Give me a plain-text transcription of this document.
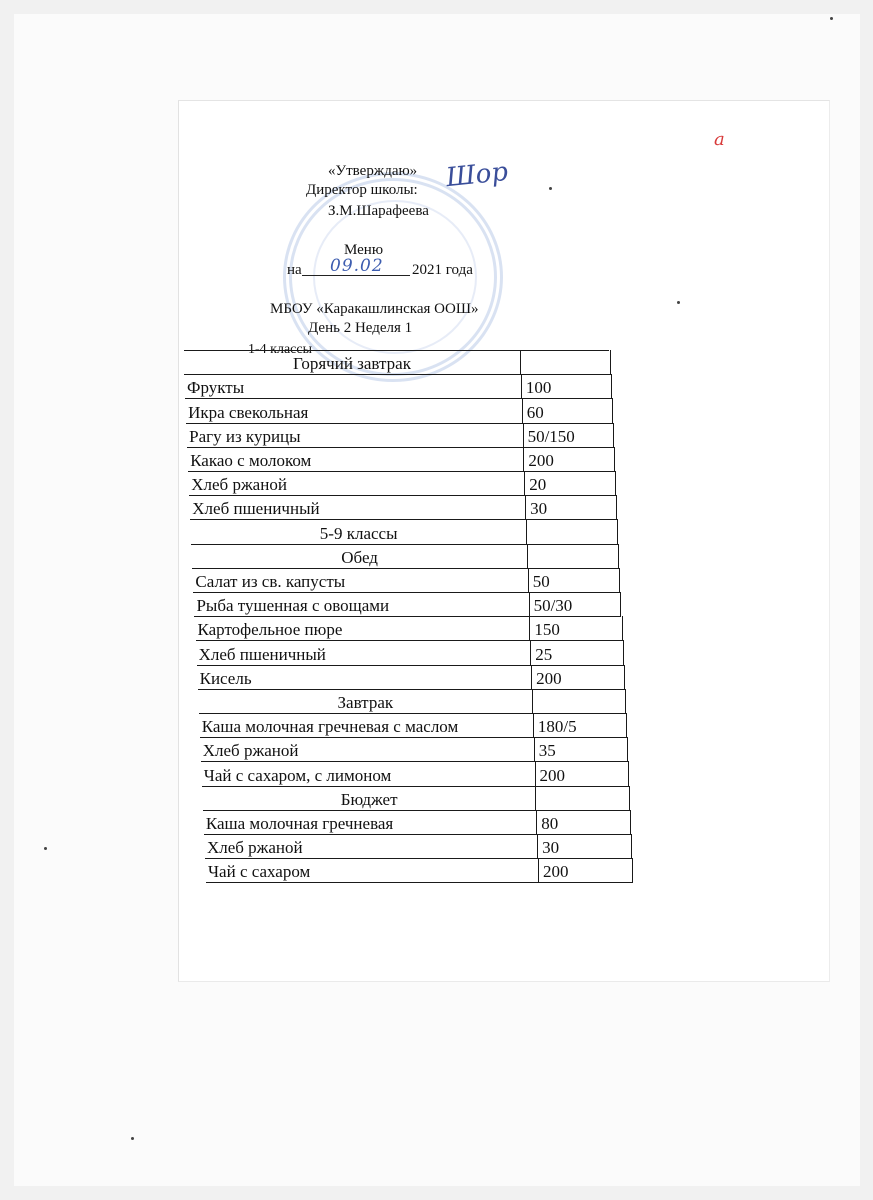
a
«Утверждаю»
Директор школы: Шор
З.М.Шарафеева
Меню
на 09.02 2021 года
МБОУ «Каракашлинская ООШ»
День 2 Неделя 1
1-4 классы
Горячий завтрак
Фрукты	100
Икра свекольная	60
Рагу из курицы	50/150
Какао с молоком	200
Хлеб ржаной	20
Хлеб пшеничный	30
5-9 классы
Обед
Салат из св. капусты	50
Рыба тушенная с овощами	50/30
Картофельное пюре	150
Хлеб пшеничный	25
Кисель	200
Завтрак
Каша молочная гречневая с маслом	180/5
Хлеб ржаной	35
Чай с сахаром, с лимоном	200
Бюджет
Каша молочная гречневая	80
Хлеб ржаной	30
Чай с сахаром	200
